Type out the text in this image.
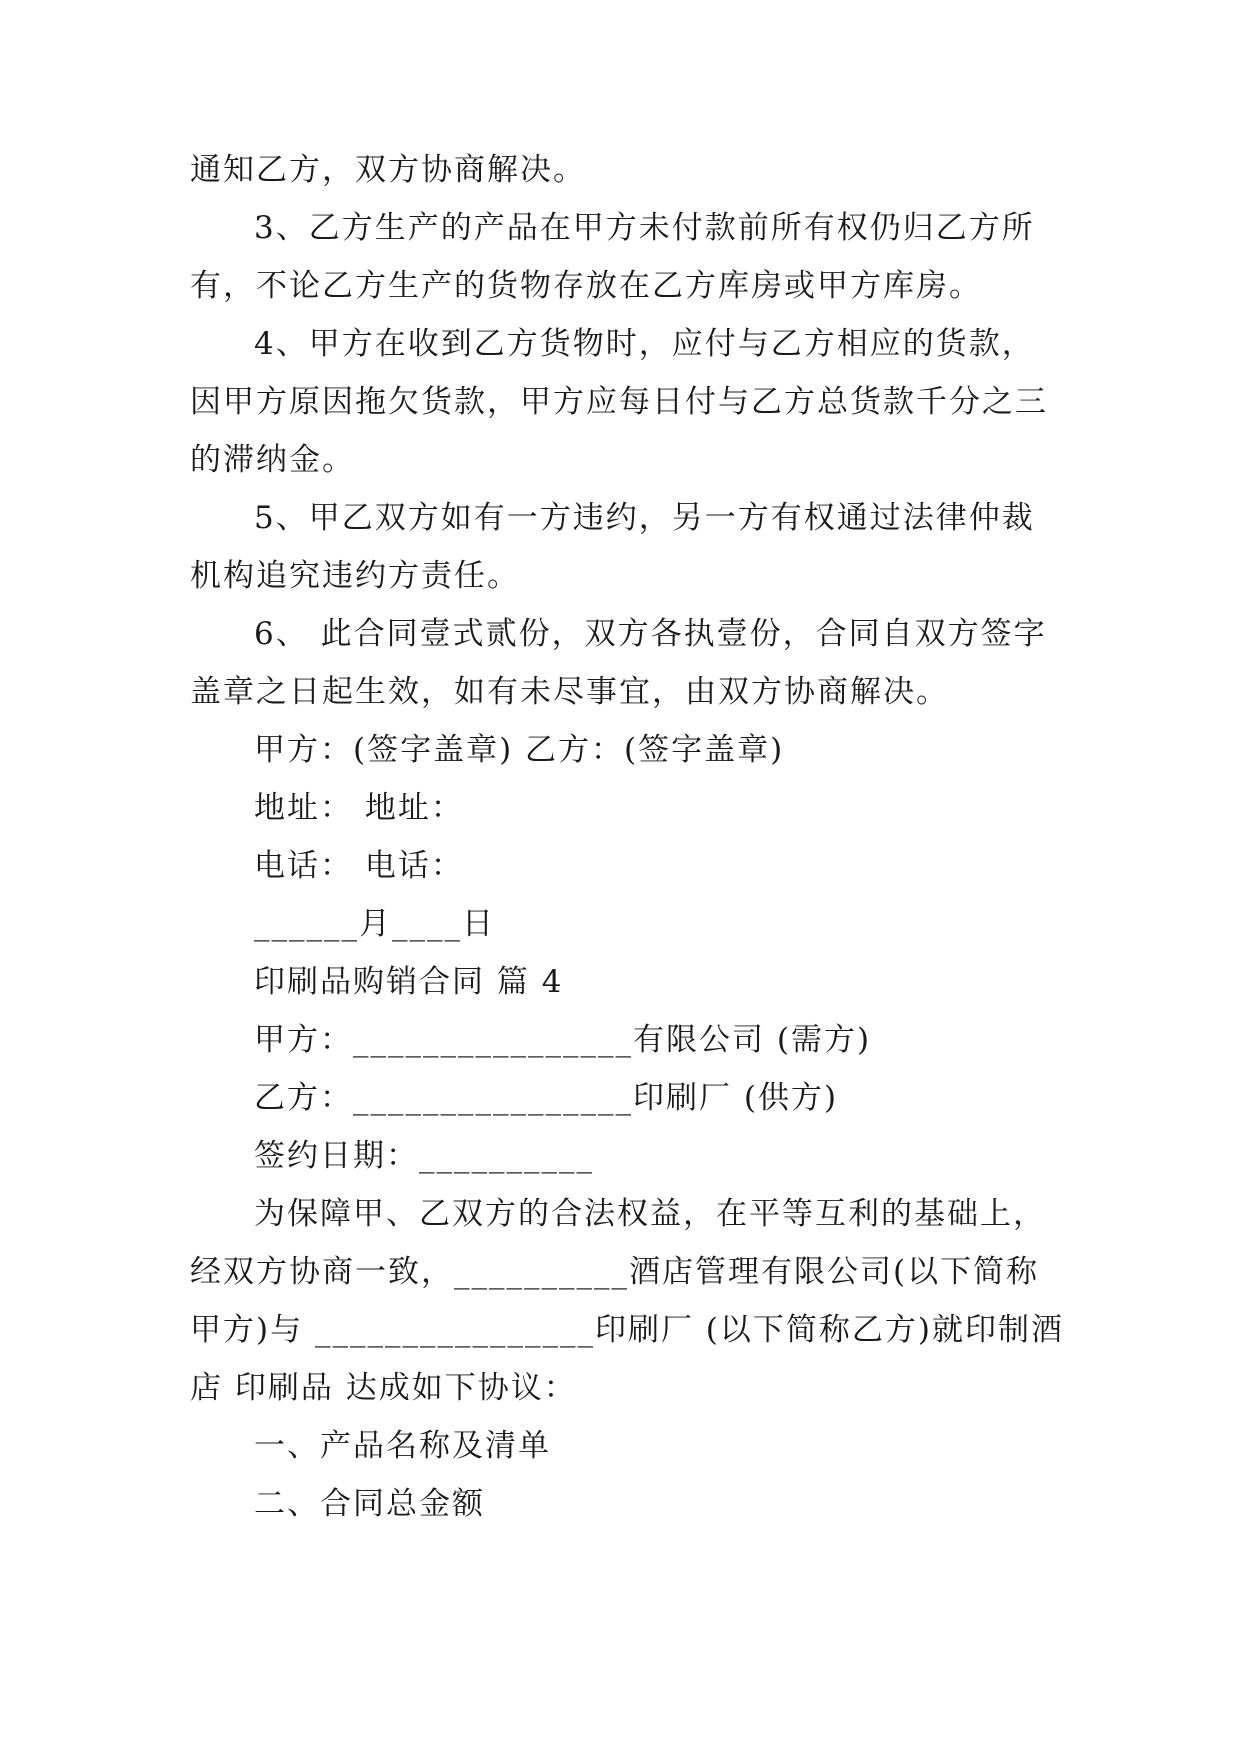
通知乙方，双方协商解决。
3、乙方生产的产品在甲方未付款前所有权仍归乙方所
有，不论乙方生产的货物存放在乙方库房或甲方库房。
4、甲方在收到乙方货物时，应付与乙方相应的货款，
因甲方原因拖欠货款，甲方应每日付与乙方总货款千分之三
的滞纳金。
5、甲乙双方如有一方违约，另一方有权通过法律仲裁
机构追究违约方责任。
6、 此合同壹式贰份，双方各执壹份，合同自双方签字
盖章之日起生效，如有未尽事宜，由双方协商解决。
甲方：(签字盖章) 乙方：(签字盖章)
地址： 地址：
电话： 电话：
______月____日
印刷品购销合同 篇 4
甲方：________________有限公司 (需方)
乙方：________________印刷厂 (供方)
签约日期：__________
为保障甲、乙双方的合法权益，在平等互利的基础上，
经双方协商一致，__________酒店管理有限公司(以下简称
甲方)与 ________________印刷厂 (以下简称乙方)就印制酒
店 印刷品 达成如下协议：
一、产品名称及清单
二、合同总金额
